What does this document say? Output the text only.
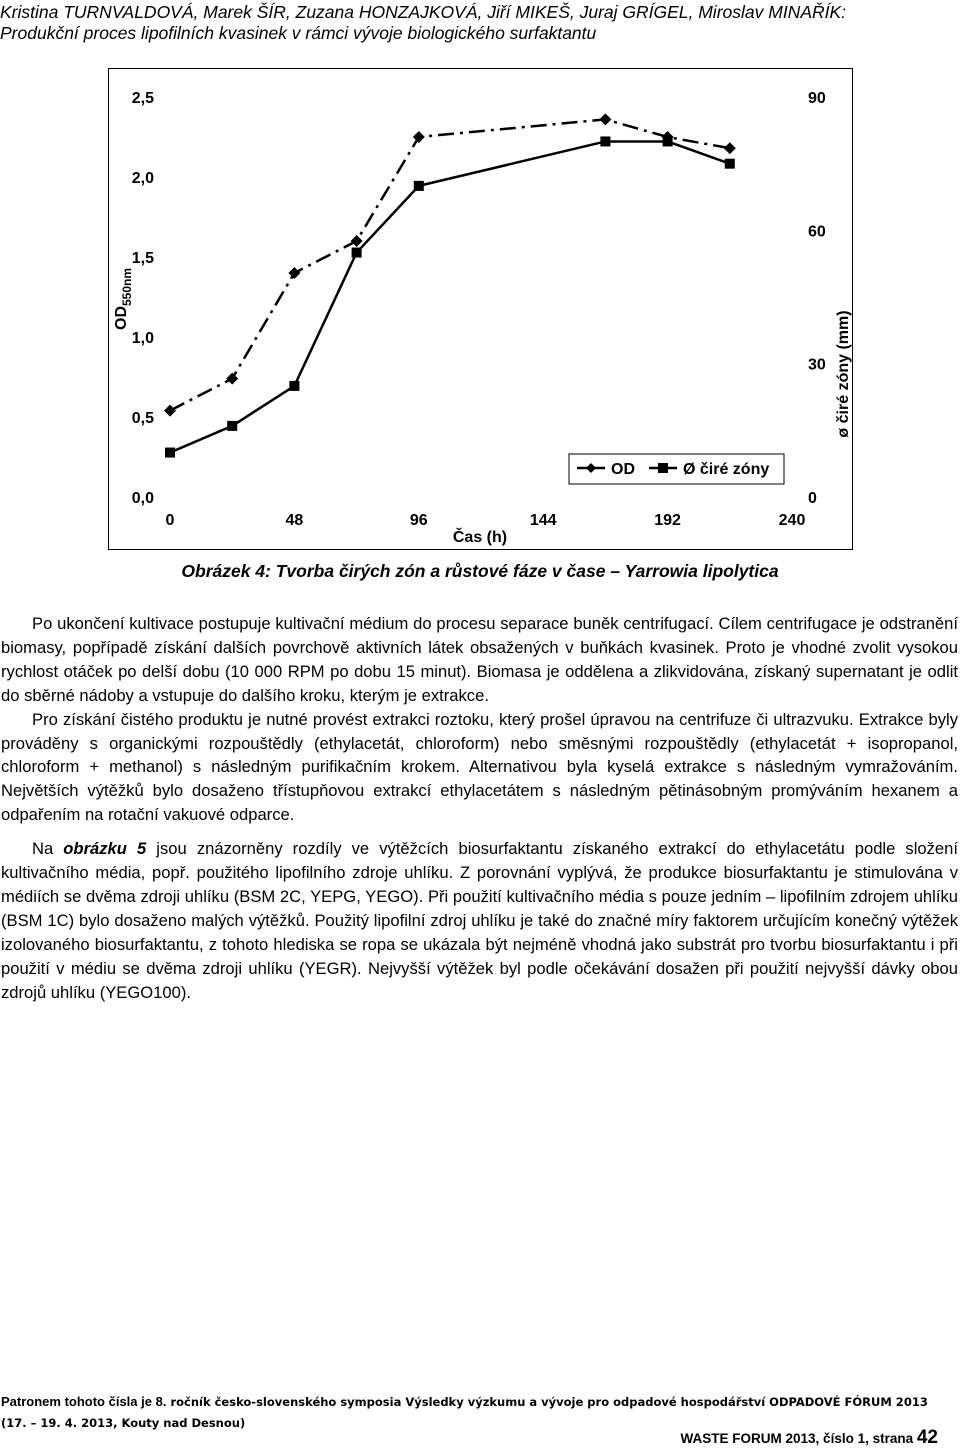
Kristina TURNVALDOVÁ, Marek ŠÍR, Zuzana HONZAJKOVÁ, Jiří MIKEŠ, Juraj GRÍGEL, Miroslav MINAŘÍK:
Produkční proces lipofilních kvasinek v rámci vývoje biologického surfaktantu
0,0
0,5
1,0
1,5
2,0
2,5
0
30
60
90
0	48	96	144	192	240
$OD_{550nm}$
ø čiré zóny (mm)
Čas (h)
OD	Ø čiré zóny
Obrázek 4: Tvorba čirých zón a růstové fáze v čase – Yarrowia lipolytica

Po ukončení kultivace postupuje kultivační médium do procesu separace buněk centrifugací. Cílem centrifugace je odstranění biomasy, popřípadě získání dalších povrchově aktivních látek obsažených v buňkách kvasinek. Proto je vhodné zvolit vysokou rychlost otáček po delší dobu (10 000 RPM po dobu 15 minut). Biomasa je oddělena a zlikvidována, získaný supernatant je odlit do sběrné nádoby a vstupuje do dalšího kroku, kterým je extrakce.

Pro získání čistého produktu je nutné provést extrakci roztoku, který prošel úpravou na centrifuze či ultrazvuku. Extrakce byly prováděny s organickými rozpouštědly (ethylacetát, chloroform) nebo směsnými rozpouštědly (ethylacetát + isopropanol, chloroform + methanol) s následným purifikačním krokem. Alternativou byla kyselá extrakce s následným vymražováním. Největších výtěžků bylo dosaženo třístupňovou extrakcí ethylacetátem s následným pětinásobným promýváním hexanem a odpařením na rotační vakuové odparce.

Na obrázku 5 jsou znázorněny rozdíly ve výtěžcích biosurfaktantu získaného extrakcí do ethylacetátu podle složení kultivačního média, popř. použitého lipofilního zdroje uhlíku. Z porovnání vyplývá, že produkce biosurfaktantu je stimulována v médiích se dvěma zdroji uhlíku (BSM 2C, YEPG, YEGO). Při použití kultivačního média s pouze jedním – lipofilním zdrojem uhlíku (BSM 1C) bylo dosaženo malých výtěžků. Použitý lipofilní zdroj uhlíku je také do značné míry faktorem určujícím konečný výtěžek izolovaného biosurfaktantu, z tohoto hlediska se ropa se ukázala být nejméně vhodná jako substrát pro tvorbu biosurfaktantu i při použití v médiu se dvěma zdroji uhlíku (YEGR). Nejvyšší výtěžek byl podle očekávání dosažen při použití nejvyšší dávky obou zdrojů uhlíku (YEGO100).

Patronem tohoto čísla je 8. ročník česko-slovenského symposia Výsledky výzkumu a vývoje pro odpadové hospodářství ODPADOVÉ FÓRUM 2013
(17. – 19. 4. 2013, Kouty nad Desnou)
WASTE FORUM 2013, číslo 1, strana 42
